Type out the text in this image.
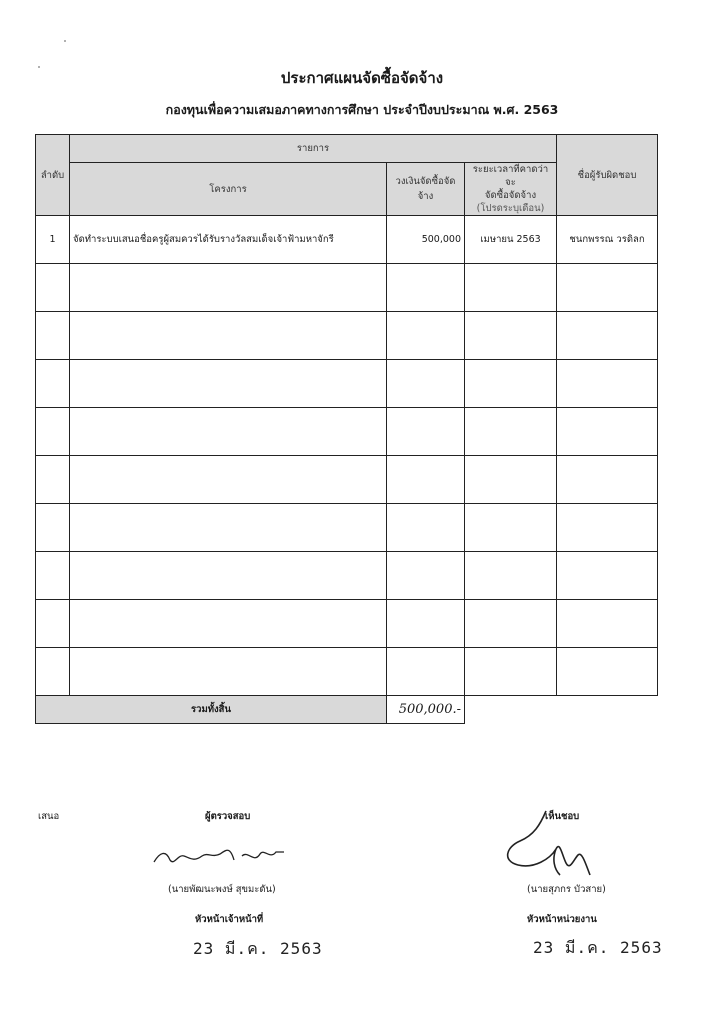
ประกาศแผนจัดซื้อจัดจ้าง
กองทุนเพื่อความเสมอภาคทางการศึกษา ประจำปีงบประมาณ พ.ศ. 2563
ลำดับ	รายการ			ชื่อผู้รับผิดชอบ
	โครงการ	วงเงินจัดซื้อจัดจ้าง	ระยะเวลาที่คาดว่า
จะ
จัดซื้อจัดจ้าง
(โปรดระบุเดือน)	

1	จัดทำระบบเสนอชื่อครูผู้สมควรได้รับรางวัลสมเด็จเจ้าฟ้ามหาจักรี	500,000	เมษายน 2563	ชนกพรรณ วรดิลก

รวมทั้งสิ้น		500,000.-		
เสนอ	ผู้ตรวจสอบ	เห็นชอบ
(นายพัฒนะพงษ์ สุขมะดัน)	(นายสุภกร บัวสาย)
หัวหน้าเจ้าหน้าที่	หัวหน้าหน่วยงาน
23 มี.ค. 2563	23 มี.ค. 2563
